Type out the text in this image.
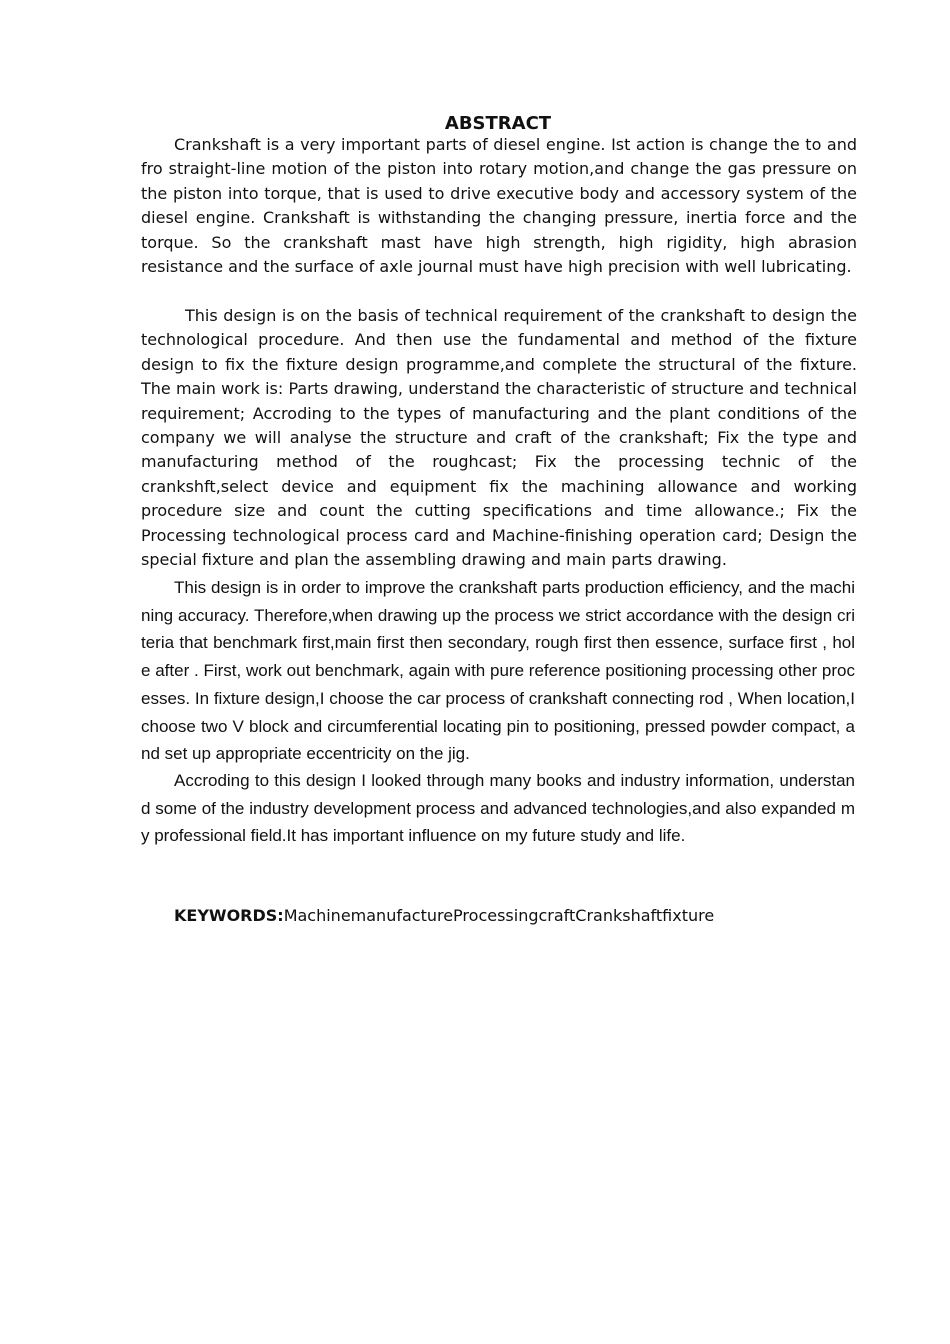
ABSTRACT

Crankshaft is a very important parts of diesel engine. Ist action is change the to and fro straight-line motion of the piston into rotary motion,and change the gas pressure on the piston into torque, that is used to drive executive body and accessory system of the diesel engine. Crankshaft is withstanding the changing pressure, inertia force and the torque. So the crankshaft mast have high strength, high rigidity, high abrasion resistance and the surface of axle journal must have high precision with well lubricating.

This design is on the basis of technical requirement of the crankshaft to design the technological procedure. And then use the fundamental and method of the fixture design to fix the fixture design programme,and complete the structural of the fixture. The main work is: Parts drawing, understand the characteristic of structure and technical requirement; Accroding to the types of manufacturing and the plant conditions of the company we will analyse the structure and craft of the crankshaft; Fix the type and manufacturing method of the roughcast; Fix the processing technic of the crankshft,select device and equipment fix the machining allowance and working procedure size and count the cutting specifications and time allowance.; Fix the Processing technological process card and Machine-finishing operation card; Design the special fixture and plan the assembling drawing and main parts drawing.

This design is in order to improve the crankshaft parts production efficiency, and the machining accuracy. Therefore,when drawing up the process we strict accordance with the design criteria that benchmark first,main first then secondary, rough first then essence, surface first , hole after . First, work out benchmark, again with pure reference positioning processing other processes. In fixture design,I choose the car process of crankshaft connecting rod , When location,I choose two V block and circumferential locating pin to positioning, pressed powder compact, and set up appropriate eccentricity on the jig.

Accroding to this design I looked through many books and industry information, understand some of the industry development process and advanced technologies,and also expanded my professional field.It has important influence on my future study and life.

KEYWORDS:MachinemanufactureProcessingcraftCrankshaftfixture
